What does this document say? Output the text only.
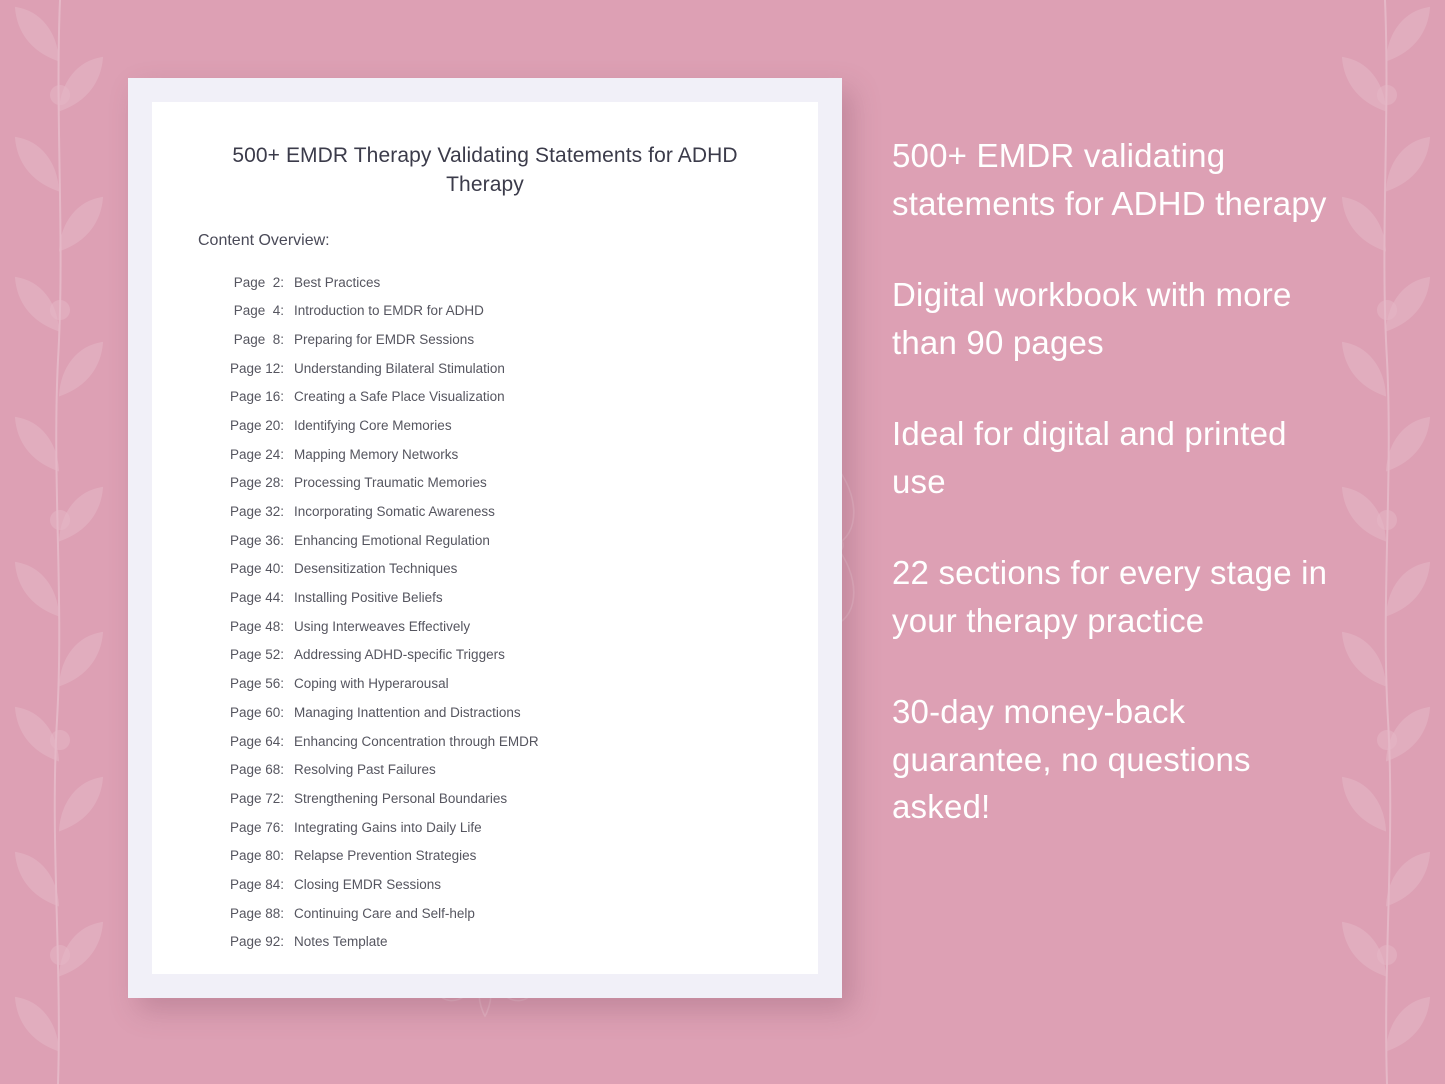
500+ EMDR Therapy Validating Statements for ADHD Therapy
Content Overview:
Page  2: Best Practices
Page  4: Introduction to EMDR for ADHD
Page  8: Preparing for EMDR Sessions
Page 12: Understanding Bilateral Stimulation
Page 16: Creating a Safe Place Visualization
Page 20: Identifying Core Memories
Page 24: Mapping Memory Networks
Page 28: Processing Traumatic Memories
Page 32: Incorporating Somatic Awareness
Page 36: Enhancing Emotional Regulation
Page 40: Desensitization Techniques
Page 44: Installing Positive Beliefs
Page 48: Using Interweaves Effectively
Page 52: Addressing ADHD-specific Triggers
Page 56: Coping with Hyperarousal
Page 60: Managing Inattention and Distractions
Page 64: Enhancing Concentration through EMDR
Page 68: Resolving Past Failures
Page 72: Strengthening Personal Boundaries
Page 76: Integrating Gains into Daily Life
Page 80: Relapse Prevention Strategies
Page 84: Closing EMDR Sessions
Page 88: Continuing Care and Self-help
Page 92: Notes Template
500+ EMDR validating statements for ADHD therapy
Digital workbook with more than 90 pages
Ideal for digital and printed use
22 sections for every stage in your therapy practice
30-day money-back guarantee, no questions asked!
